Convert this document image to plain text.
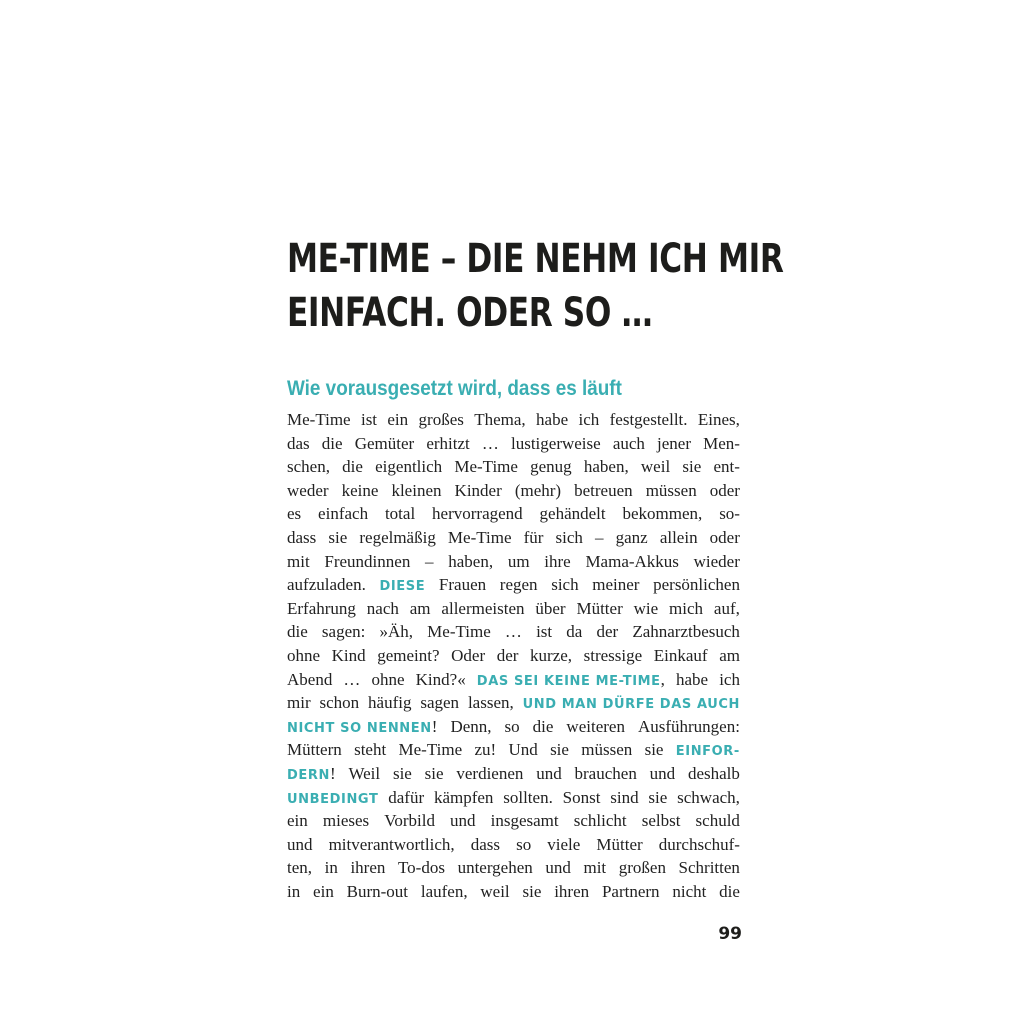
ME-TIME – DIE NEHM ICH MIR
EINFACH. ODER SO …
Wie vorausgesetzt wird, dass es läuft
Me-Time ist ein großes Thema, habe ich festgestellt. Eines,
das die Gemüter erhitzt … lustigerweise auch jener Men-
schen, die eigentlich Me-Time genug haben, weil sie ent-
weder keine kleinen Kinder (mehr) betreuen müssen oder
es einfach total hervorragend gehändelt bekommen, so-
dass sie regelmäßig Me-Time für sich – ganz allein oder
mit Freundinnen – haben, um ihre Mama-Akkus wieder
aufzuladen. DIESE Frauen regen sich meiner persönlichen
Erfahrung nach am allermeisten über Mütter wie mich auf,
die sagen: »Äh, Me-Time … ist da der Zahnarztbesuch
ohne Kind gemeint? Oder der kurze, stressige Einkauf am
Abend … ohne Kind?« DAS SEI KEINE ME-TIME, habe ich
mir schon häufig sagen lassen, UND MAN DÜRFE DAS AUCH
NICHT SO NENNEN! Denn, so die weiteren Ausführungen:
Müttern steht Me-Time zu! Und sie müssen sie EINFOR-
DERN! Weil sie sie verdienen und brauchen und deshalb
UNBEDINGT dafür kämpfen sollten. Sonst sind sie schwach,
ein mieses Vorbild und insgesamt schlicht selbst schuld
und mitverantwortlich, dass so viele Mütter durchschuf-
ten, in ihren To-dos untergehen und mit großen Schritten
in ein Burn-out laufen, weil sie ihren Partnern nicht die
99
